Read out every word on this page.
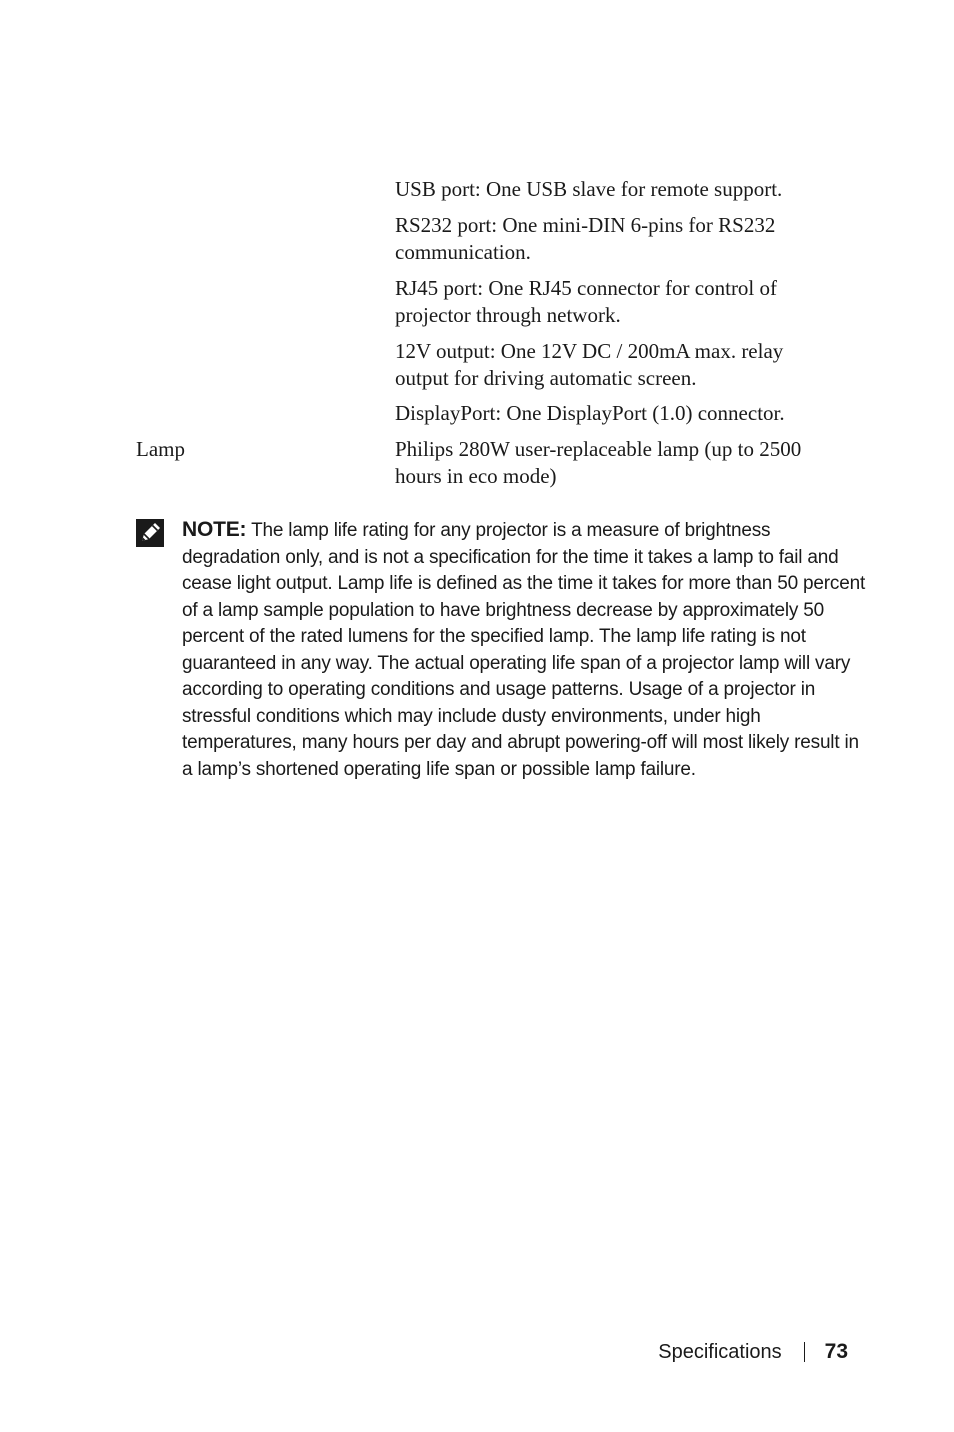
USB port: One USB slave for remote support.
RS232 port: One mini-DIN 6-pins for RS232 communication.
RJ45 port: One RJ45 connector for control of projector through network.
12V output: One 12V DC / 200mA max. relay output for driving automatic screen.
DisplayPort: One DisplayPort (1.0) connector.
Lamp	Philips 280W user-replaceable lamp (up to 2500 hours in eco mode)
NOTE: The lamp life rating for any projector is a measure of brightness degradation only, and is not a specification for the time it takes a lamp to fail and cease light output. Lamp life is defined as the time it takes for more than 50 percent of a lamp sample population to have brightness decrease by approximately 50 percent of the rated lumens for the specified lamp. The lamp life rating is not guaranteed in any way. The actual operating life span of a projector lamp will vary according to operating conditions and usage patterns. Usage of a projector in stressful conditions which may include dusty environments, under high temperatures, many hours per day and abrupt powering-off will most likely result in a lamp’s shortened operating life span or possible lamp failure.
Specifications 73
